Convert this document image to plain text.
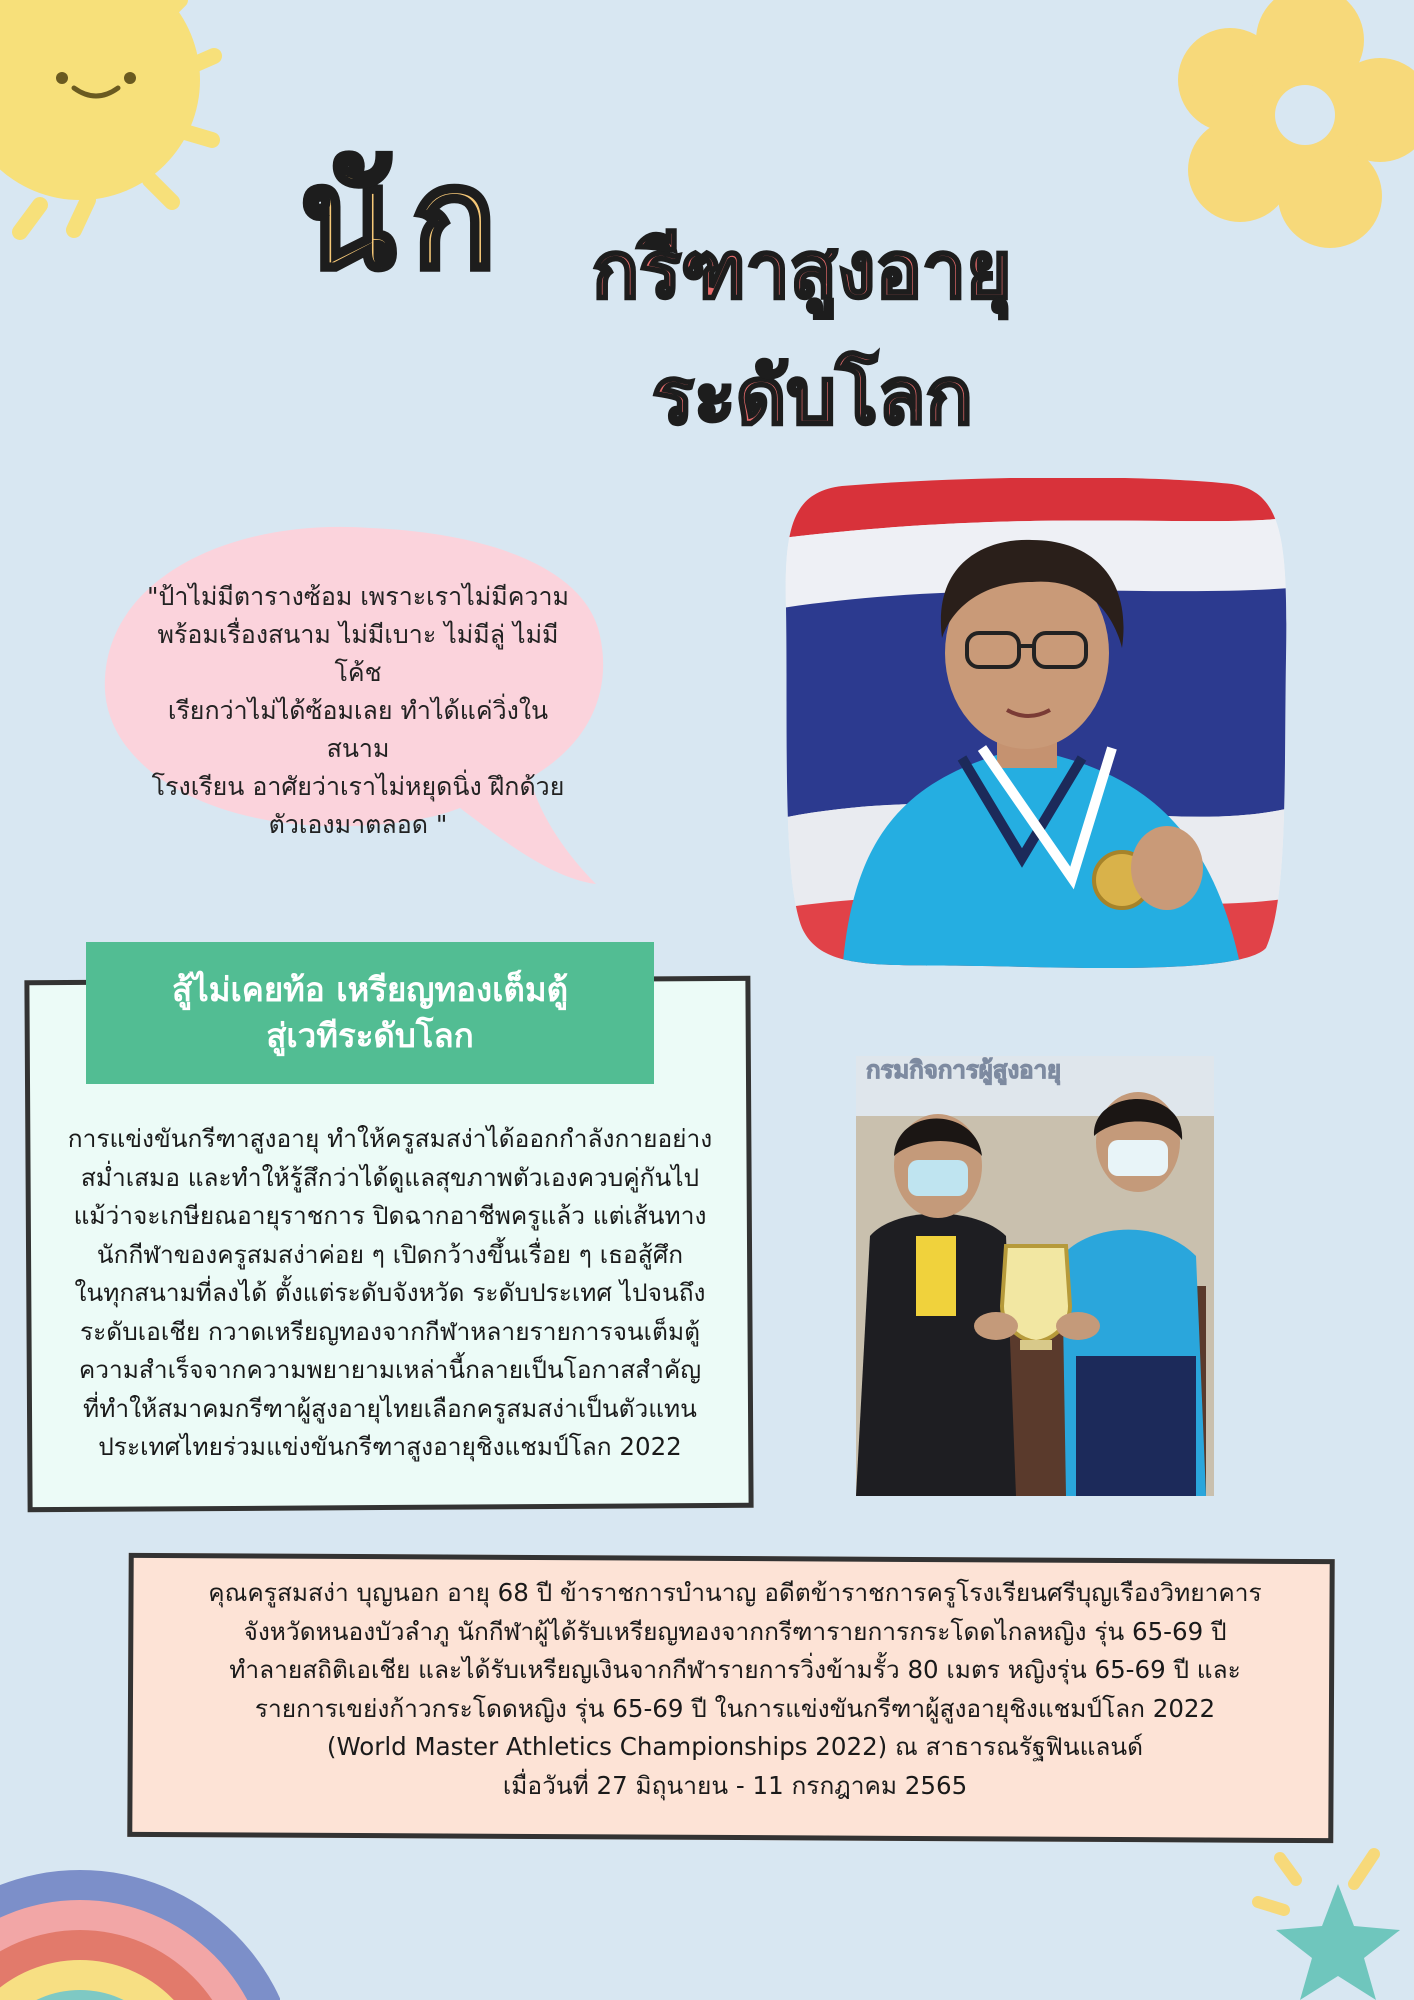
นัก กรีฑาสูงอายุ
ระดับโลก
"ป้าไม่มีตารางซ้อม เพราะเราไม่มีความ
พร้อมเรื่องสนาม ไม่มีเบาะ ไม่มีลู่ ไม่มีโค้ช
เรียกว่าไม่ได้ซ้อมเลย ทำได้แค่วิ่งในสนาม
โรงเรียน อาศัยว่าเราไม่หยุดนิ่ง ฝึกด้วย
ตัวเองมาตลอด "
สู้ไม่เคยท้อ เหรียญทองเต็มตู้
สู่เวทีระดับโลก
การแข่งขันกรีฑาสูงอายุ ทำให้ครูสมสง่าได้ออกกำลังกายอย่าง
สม่ำเสมอ และทำให้รู้สึกว่าได้ดูแลสุขภาพตัวเองควบคู่กันไป
แม้ว่าจะเกษียณอายุราชการ ปิดฉากอาชีพครูแล้ว แต่เส้นทาง
นักกีฬาของครูสมสง่าค่อย ๆ เปิดกว้างขึ้นเรื่อย ๆ เธอสู้ศึก
ในทุกสนามที่ลงได้ ตั้งแต่ระดับจังหวัด ระดับประเทศ ไปจนถึง
ระดับเอเชีย กวาดเหรียญทองจากกีฬาหลายรายการจนเต็มตู้
ความสำเร็จจากความพยายามเหล่านี้กลายเป็นโอกาสสำคัญ
ที่ทำให้สมาคมกรีฑาผู้สูงอายุไทยเลือกครูสมสง่าเป็นตัวแทน
ประเทศไทยร่วมแข่งขันกรีฑาสูงอายุชิงแชมป์โลก 2022
กรมกิจการผู้สูงอายุ
คุณครูสมสง่า บุญนอก อายุ 68 ปี ข้าราชการบำนาญ อดีตข้าราชการครูโรงเรียนศรีบุญเรืองวิทยาคาร
จังหวัดหนองบัวลำภู นักกีฬาผู้ได้รับเหรียญทองจากกรีฑารายการกระโดดไกลหญิง รุ่น 65-69 ปี
ทำลายสถิติเอเชีย และได้รับเหรียญเงินจากกีฬารายการวิ่งข้ามรั้ว 80 เมตร หญิงรุ่น 65-69 ปี และ
รายการเขย่งก้าวกระโดดหญิง รุ่น 65-69 ปี ในการแข่งขันกรีฑาผู้สูงอายุชิงแชมป์โลก 2022
(World Master Athletics Championships 2022) ณ สาธารณรัฐฟินแลนด์
เมื่อวันที่ 27 มิถุนายน - 11 กรกฎาคม 2565
